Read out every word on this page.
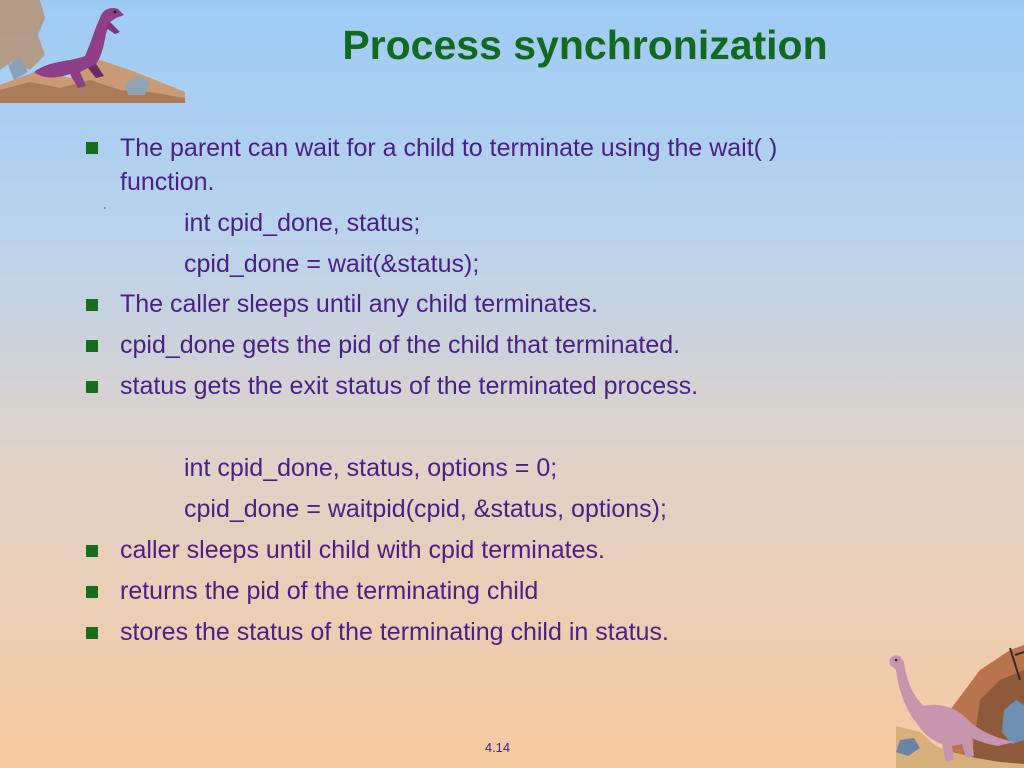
Process synchronization
The parent can wait for a child to terminate using the wait( )
function.
int cpid_done, status;
cpid_done = wait(&status);
The caller sleeps until any child terminates.
cpid_done gets the pid of the child that terminated.
status gets the exit status of the terminated process.
int cpid_done, status, options = 0;
cpid_done = waitpid(cpid, &status, options);
caller sleeps until child with cpid terminates.
returns the pid of the terminating child
stores the status of the terminating child in status.
4.14
